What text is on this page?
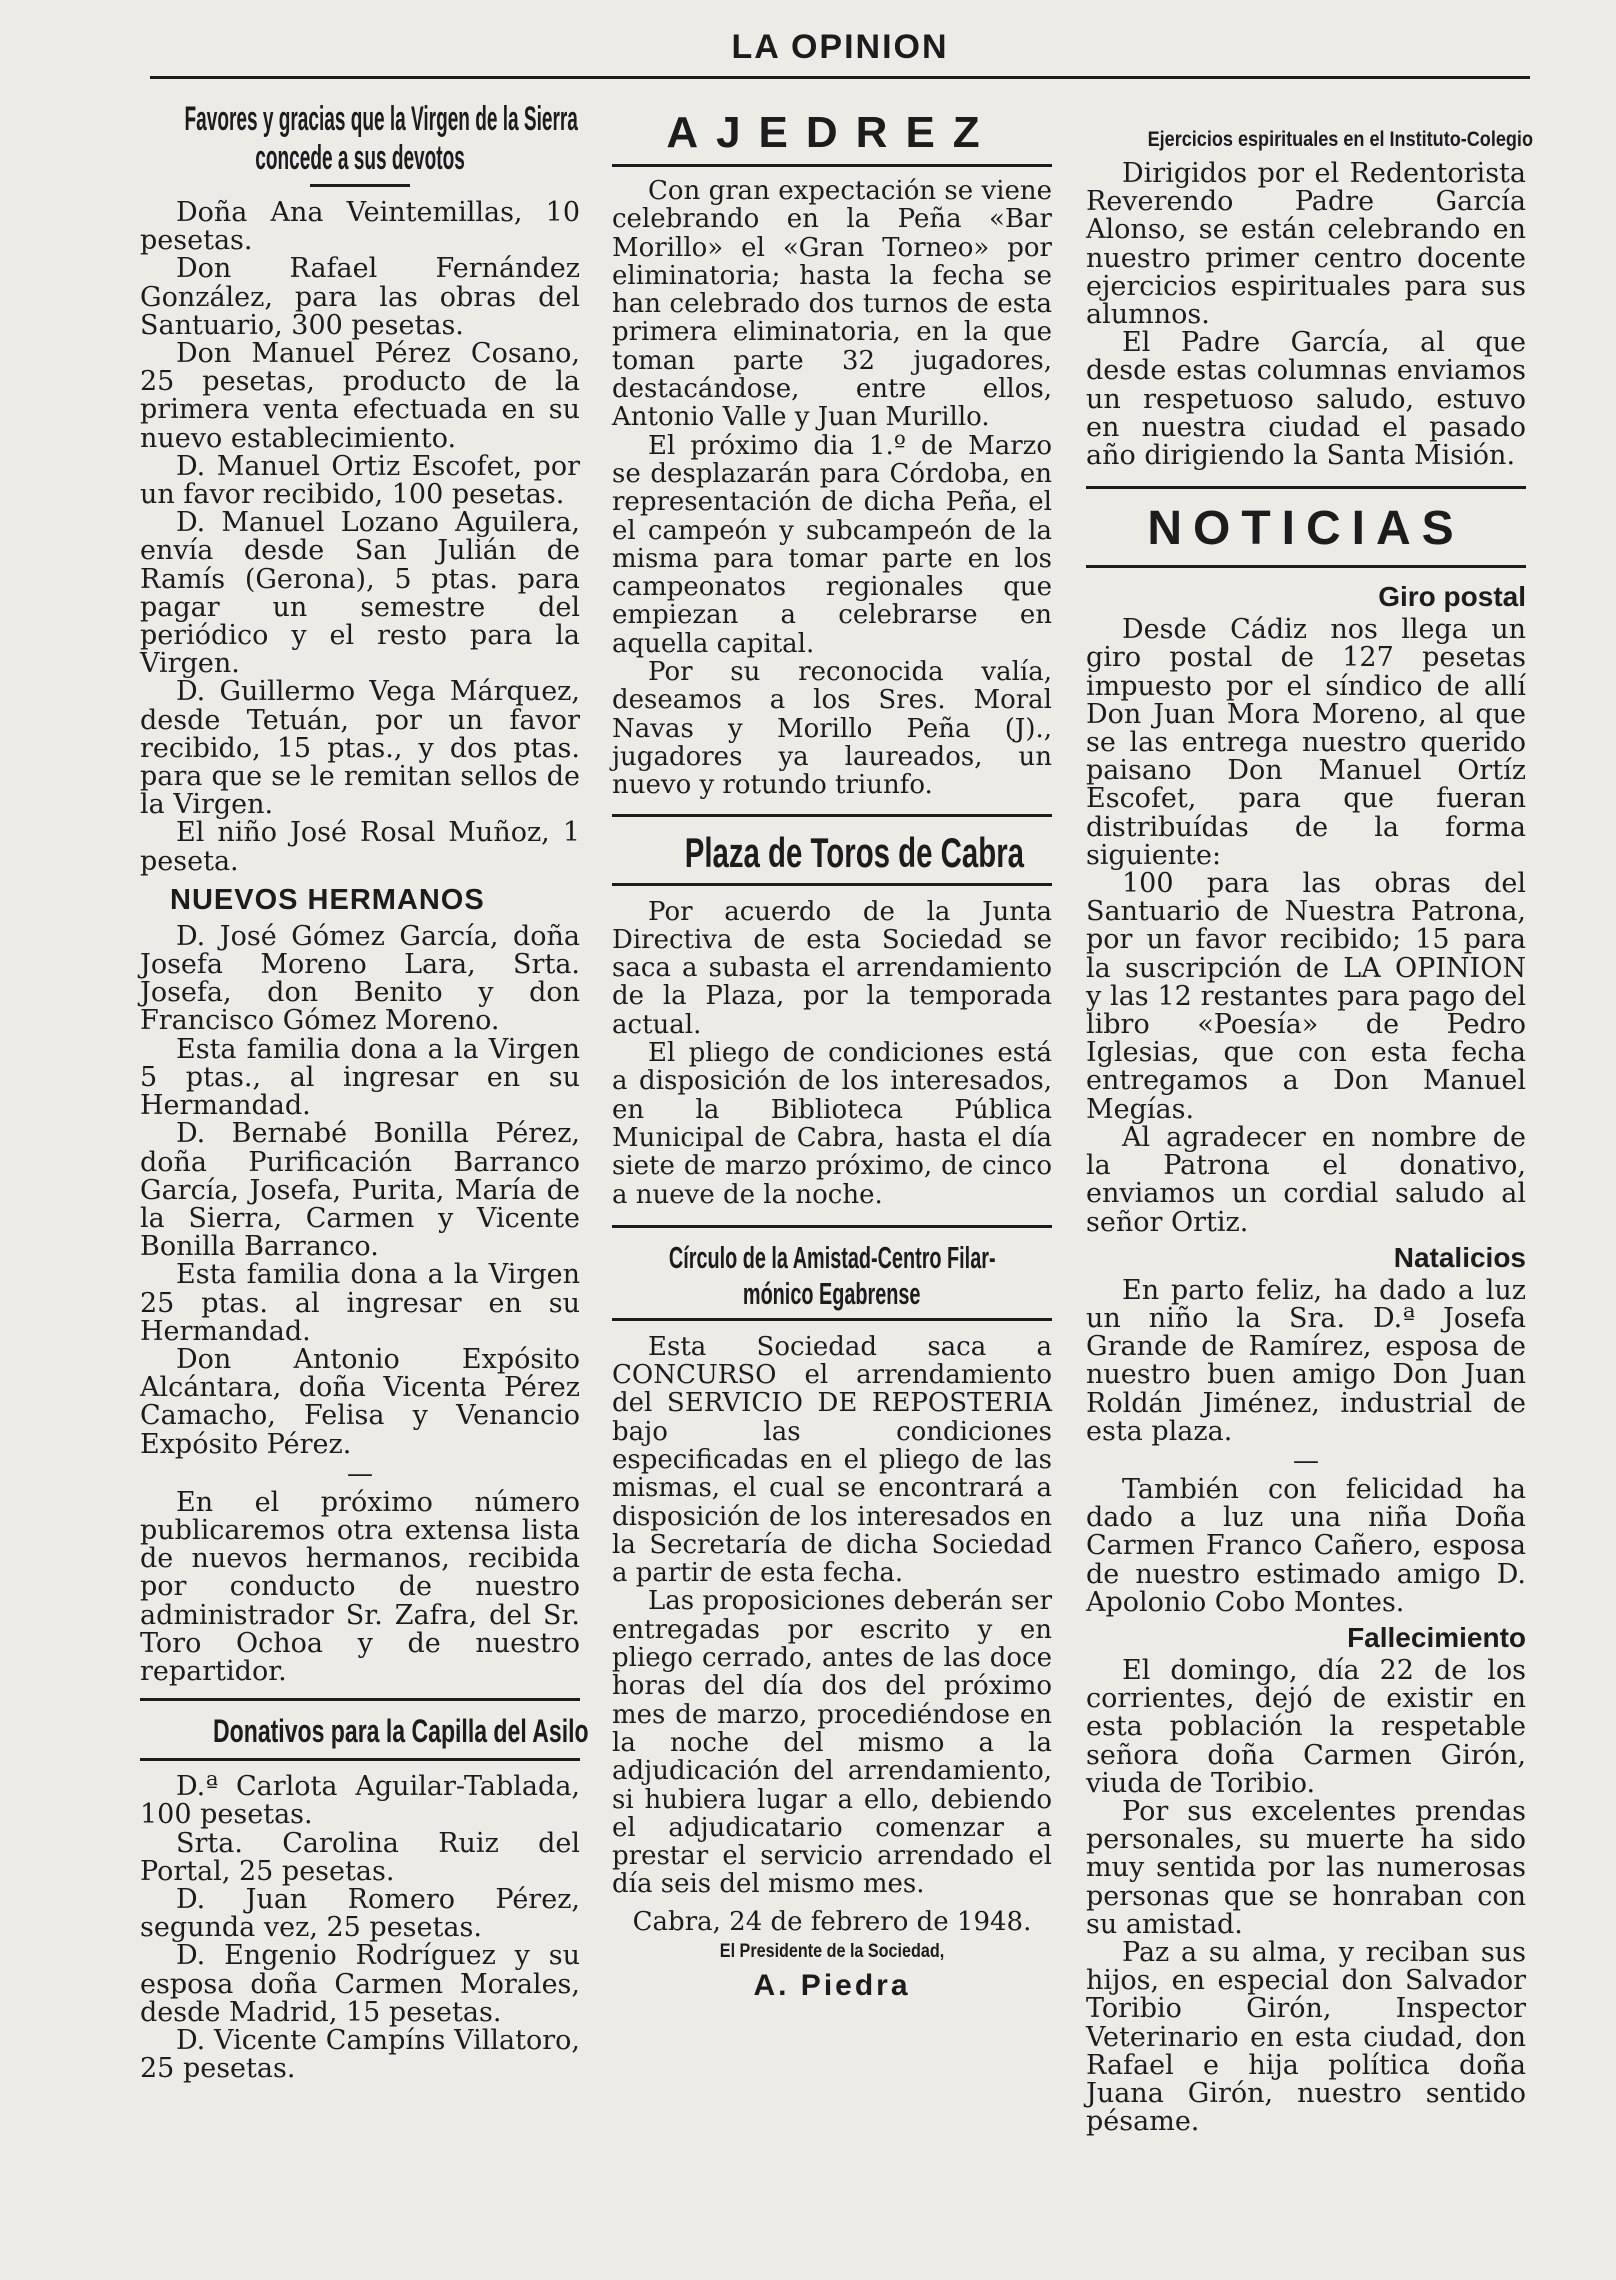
LA OPINION
Favores y gracias que la Virgen de la Sierra
concede a sus devotos

Doña Ana Veintemillas, 10 pesetas.

Don Rafael Fernández González, para las obras del Santuario, 300 pesetas.

Don Manuel Pérez Cosano, 25 pesetas, producto de la primera venta efectuada en su nuevo establecimiento.

D. Manuel Ortiz Escofet, por un favor recibido, 100 pesetas.

D. Manuel Lozano Aguilera, envía desde San Julián de Ramís (Gerona), 5 ptas. para pagar un semestre del periódico y el resto para la Virgen.

D. Guillermo Vega Márquez, desde Tetuán, por un favor recibido, 15 ptas., y dos ptas. para que se le remitan sellos de la Virgen.

El niño José Rosal Muñoz, 1 peseta.

NUEVOS HERMANOS

D. José Gómez García, doña Josefa Moreno Lara, Srta. Josefa, don Benito y don Francisco Gómez Moreno.

Esta familia dona a la Virgen 5 ptas., al ingresar en su Hermandad.

D. Bernabé Bonilla Pérez, doña Purificación Barranco García, Josefa, Purita, María de la Sierra, Carmen y Vicente Bonilla Barranco.

Esta familia dona a la Virgen 25 ptas. al ingresar en su Hermandad.

Don Antonio Expósito Alcántara, doña Vicenta Pérez Camacho, Felisa y Venancio Expósito Pérez.

—

En el próximo número publicaremos otra extensa lista de nuevos hermanos, recibida por conducto de nuestro administrador Sr. Zafra, del Sr. Toro Ochoa y de nuestro repartidor.

Donativos para la Capilla del Asilo

D.ª Carlota Aguilar-Tablada, 100 pesetas.

Srta. Carolina Ruiz del Portal, 25 pesetas.

D. Juan Romero Pérez, segunda vez, 25 pesetas.

D. Engenio Rodríguez y su esposa doña Carmen Morales, desde Madrid, 15 pesetas.

D. Vicente Campíns Villatoro, 25 pesetas.

AJEDREZ

Con gran expectación se viene celebrando en la Peña «Bar Morillo» el «Gran Torneo» por eliminatoria; hasta la fecha se han celebrado dos turnos de esta primera eliminatoria, en la que toman parte 32 jugadores, destacándose, entre ellos, Antonio Valle y Juan Murillo.

El próximo dia 1.º de Marzo se desplazarán para Córdoba, en representación de dicha Peña, el el campeón y subcampeón de la misma para tomar parte en los campeonatos regionales que empiezan a celebrarse en aquella capital.

Por su reconocida valía, deseamos a los Sres. Moral Navas y Morillo Peña (J)., jugadores ya laureados, un nuevo y rotundo triunfo.

Plaza de Toros de Cabra

Por acuerdo de la Junta Directiva de esta Sociedad se saca a subasta el arrendamiento de la Plaza, por la temporada actual.

El pliego de condiciones está a disposición de los interesados, en la Biblioteca Pública Municipal de Cabra, hasta el día siete de marzo próximo, de cinco a nueve de la noche.

Círculo de la Amistad-Centro Filar-
mónico Egabrense

Esta Sociedad saca a CONCURSO el arrendamiento del SERVICIO DE REPOSTERIA bajo las condiciones especificadas en el pliego de las mismas, el cual se encontrará a disposición de los interesados en la Secretaría de dicha Sociedad a partir de esta fecha.

Las proposiciones deberán ser entregadas por escrito y en pliego cerrado, antes de las doce horas del día dos del próximo mes de marzo, procediéndose en la noche del mismo a la adjudicación del arrendamiento, si hubiera lugar a ello, debiendo el adjudicatario comenzar a prestar el servicio arrendado el día seis del mismo mes.

Cabra, 24 de febrero de 1948.
El Presidente de la Sociedad,
A. Piedra
Ejercicios espirituales en el Instituto-Colegio

Dirigidos por el Redentorista Reverendo Padre García Alonso, se están celebrando en nuestro primer centro docente ejercicios espirituales para sus alumnos.

El Padre García, al que desde estas columnas enviamos un respetuoso saludo, estuvo en nuestra ciudad el pasado año dirigiendo la Santa Misión.

NOTICIAS
Giro postal

Desde Cádiz nos llega un giro postal de 127 pesetas impuesto por el síndico de allí Don Juan Mora Moreno, al que se las entrega nuestro querido paisano Don Manuel Ortíz Escofet, para que fueran distribuídas de la forma siguiente:

100 para las obras del Santuario de Nuestra Patrona, por un favor recibido; 15 para la suscripción de LA OPINION y las 12 restantes para pago del libro «Poesía» de Pedro Iglesias, que con esta fecha entregamos a Don Manuel Megías.

Al agradecer en nombre de la Patrona el donativo, enviamos un cordial saludo al señor Ortiz.

Natalicios

En parto feliz, ha dado a luz un niño la Sra. D.ª Josefa Grande de Ramírez, esposa de nuestro buen amigo Don Juan Roldán Jiménez, industrial de esta plaza.

—

También con felicidad ha dado a luz una niña Doña Carmen Franco Cañero, esposa de nuestro estimado amigo D. Apolonio Cobo Montes.

Fallecimiento

El domingo, día 22 de los corrientes, dejó de existir en esta población la respetable señora doña Carmen Girón, viuda de Toribio.

Por sus excelentes prendas personales, su muerte ha sido muy sentida por las numerosas personas que se honraban con su amistad.

Paz a su alma, y reciban sus hijos, en especial don Salvador Toribio Girón, Inspector Veterinario en esta ciudad, don Rafael e hija política doña Juana Girón, nuestro sentido pésame.
